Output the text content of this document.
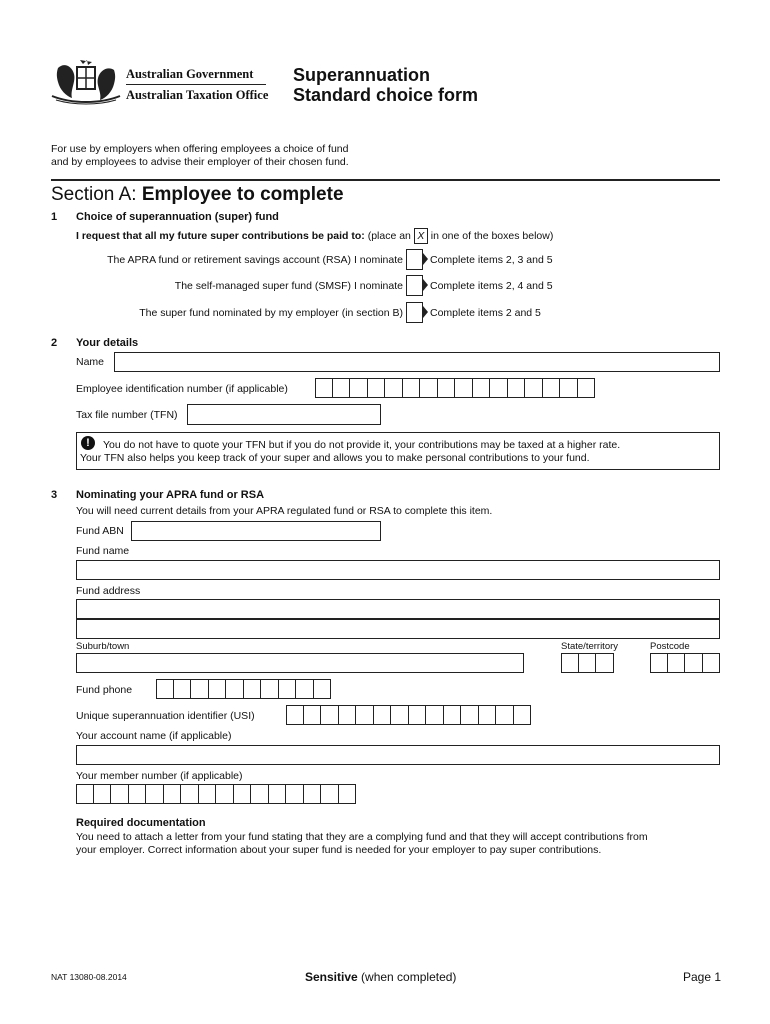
Australian Government
Australian Taxation Office
Superannuation
Standard choice form
For use by employers when offering employees a choice of fund
and by employees to advise their employer of their chosen fund.
Section A: Employee to complete
1 Choice of superannuation (super) fund
I request that all my future super contributions be paid to: (place an X in one of the boxes below)
The APRA fund or retirement savings account (RSA) I nominate	Complete items 2, 3 and 5
The self-managed super fund (SMSF) I nominate	Complete items 2, 4 and 5
The super fund nominated by my employer (in section B)	Complete items 2 and 5
2 Your details
Name
Employee identification number (if applicable)
Tax file number (TFN)
!	You do not have to quote your TFN but if you do not provide it, your contributions may be taxed at a higher rate.
Your TFN also helps you keep track of your super and allows you to make personal contributions to your fund.
3 Nominating your APRA fund or RSA
You will need current details from your APRA regulated fund or RSA to complete this item.
Fund ABN
Fund name
Fund address
Suburb/town	State/territory	Postcode
Fund phone
Unique superannuation identifier (USI)
Your account name (if applicable)
Your member number (if applicable)
Required documentation
You need to attach a letter from your fund stating that they are a complying fund and that they will accept contributions from
your employer. Correct information about your super fund is needed for your employer to pay super contributions.
NAT 13080-08.2014	Sensitive (when completed)	Page 1
